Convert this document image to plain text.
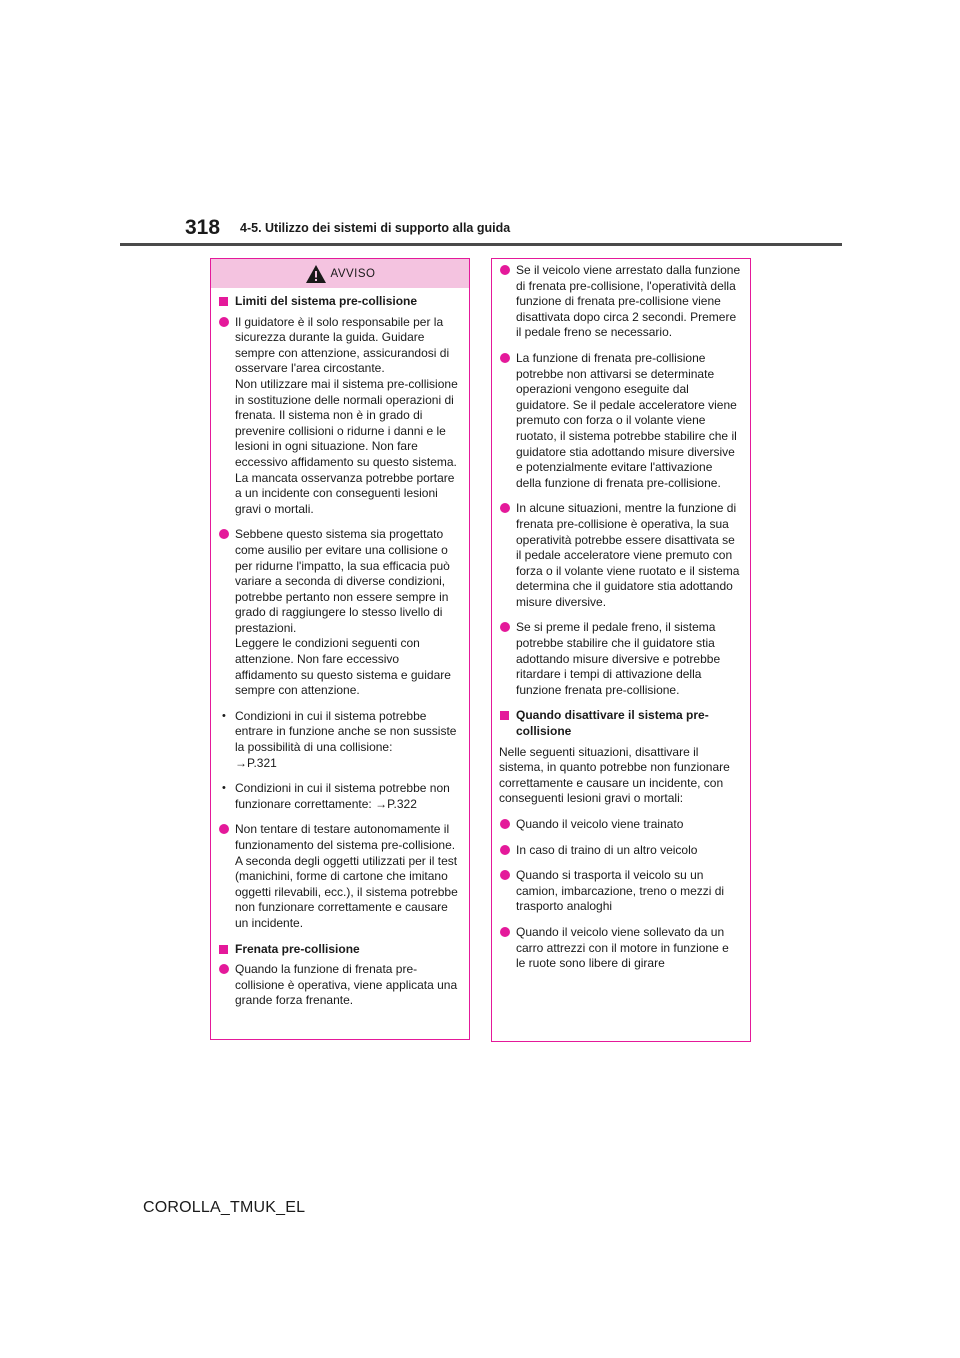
318 4-5. Utilizzo dei sistemi di supporto alla guida
AVVISO
Limiti del sistema pre-collisione
Il guidatore è il solo responsabile per la sicurezza durante la guida. Guidare sempre con attenzione, assicurandosi di osservare l'area circostante.
Non utilizzare mai il sistema pre-collisione in sostituzione delle normali operazioni di frenata. Il sistema non è in grado di prevenire collisioni o ridurne i danni e le lesioni in ogni situazione. Non fare eccessivo affidamento su questo sistema. La mancata osservanza potrebbe portare a un incidente con conseguenti lesioni gravi o mortali.
Sebbene questo sistema sia progettato come ausilio per evitare una collisione o per ridurne l'impatto, la sua efficacia può variare a seconda di diverse condizioni, potrebbe pertanto non essere sempre in grado di raggiungere lo stesso livello di prestazioni.
Leggere le condizioni seguenti con attenzione. Non fare eccessivo affidamento su questo sistema e guidare sempre con attenzione.
• Condizioni in cui il sistema potrebbe entrare in funzione anche se non sussiste la possibilità di una collisione:
→P.321
• Condizioni in cui il sistema potrebbe non funzionare correttamente: →P.322
Non tentare di testare autonomamente il funzionamento del sistema pre-collisione.
A seconda degli oggetti utilizzati per il test (manichini, forme di cartone che imitano oggetti rilevabili, ecc.), il sistema potrebbe non funzionare correttamente e causare un incidente.
Frenata pre-collisione
Quando la funzione di frenata pre-collisione è operativa, viene applicata una grande forza frenante.
Se il veicolo viene arrestato dalla funzione di frenata pre-collisione, l'operatività della funzione di frenata pre-collisione viene disattivata dopo circa 2 secondi. Premere il pedale freno se necessario.
La funzione di frenata pre-collisione potrebbe non attivarsi se determinate operazioni vengono eseguite dal guidatore. Se il pedale acceleratore viene premuto con forza o il volante viene ruotato, il sistema potrebbe stabilire che il guidatore stia adottando misure diversive e potenzialmente evitare l'attivazione della funzione di frenata pre-collisione.
In alcune situazioni, mentre la funzione di frenata pre-collisione è operativa, la sua operatività potrebbe essere disattivata se il pedale acceleratore viene premuto con forza o il volante viene ruotato e il sistema determina che il guidatore stia adottando misure diversive.
Se si preme il pedale freno, il sistema potrebbe stabilire che il guidatore stia adottando misure diversive e potrebbe ritardare i tempi di attivazione della funzione frenata pre-collisione.
Quando disattivare il sistema pre-collisione
Nelle seguenti situazioni, disattivare il sistema, in quanto potrebbe non funzionare correttamente e causare un incidente, con conseguenti lesioni gravi o mortali:
Quando il veicolo viene trainato
In caso di traino di un altro veicolo
Quando si trasporta il veicolo su un camion, imbarcazione, treno o mezzi di trasporto analoghi
Quando il veicolo viene sollevato da un carro attrezzi con il motore in funzione e le ruote sono libere di girare
COROLLA_TMUK_EL
